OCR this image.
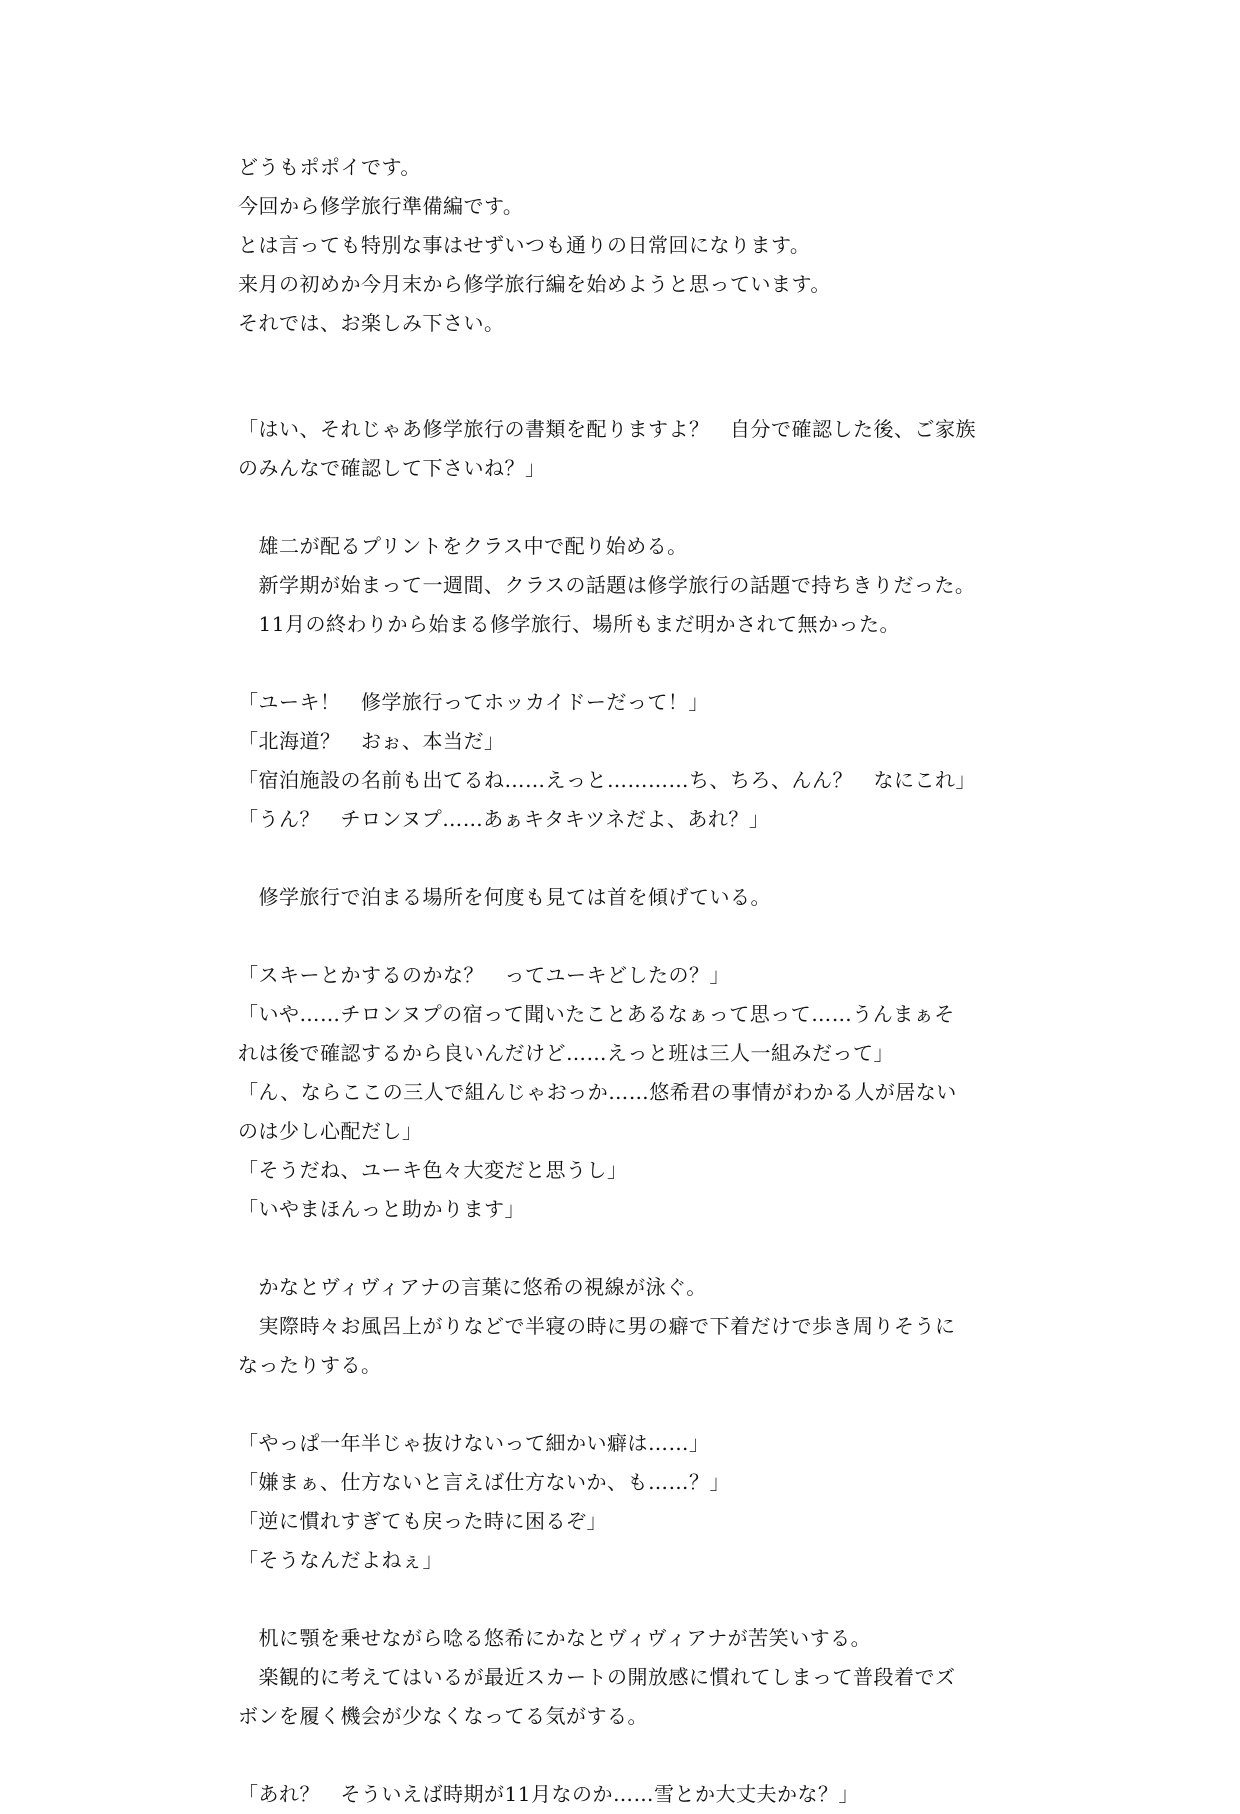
どうもポポイです。
今回から修学旅行準備編です。
とは言っても特別な事はせずいつも通りの日常回になります。
来月の初めか今月末から修学旅行編を始めようと思っています。
それでは、お楽しみ下さい。
「はい、それじゃあ修学旅行の書類を配りますよ？　自分で確認した後、ご家族
のみんなで確認して下さいね？」
　雄二が配るプリントをクラス中で配り始める。
　新学期が始まって一週間、クラスの話題は修学旅行の話題で持ちきりだった。
　11月の終わりから始まる修学旅行、場所もまだ明かされて無かった。
「ユーキ！　修学旅行ってホッカイドーだって！」
「北海道？　おぉ、本当だ」
「宿泊施設の名前も出てるね……えっと…………ち、ちろ、んん？　なにこれ」
「うん？　チロンヌプ……あぁキタキツネだよ、あれ？」
　修学旅行で泊まる場所を何度も見ては首を傾げている。
「スキーとかするのかな？　ってユーキどしたの？」
「いや……チロンヌプの宿って聞いたことあるなぁって思って……うんまぁそ
れは後で確認するから良いんだけど……えっと班は三人一組みだって」
「ん、ならここの三人で組んじゃおっか……悠希君の事情がわかる人が居ない
のは少し心配だし」
「そうだね、ユーキ色々大変だと思うし」
「いやまほんっと助かります」
　かなとヴィヴィアナの言葉に悠希の視線が泳ぐ。
　実際時々お風呂上がりなどで半寝の時に男の癖で下着だけで歩き周りそうに
なったりする。
「やっぱ一年半じゃ抜けないって細かい癖は……」
「嫌まぁ、仕方ないと言えば仕方ないか、も……？」
「逆に慣れすぎても戻った時に困るぞ」
「そうなんだよねぇ」
　机に顎を乗せながら唸る悠希にかなとヴィヴィアナが苦笑いする。
　楽観的に考えてはいるが最近スカートの開放感に慣れてしまって普段着でズ
ボンを履く機会が少なくなってる気がする。
「あれ？　そういえば時期が11月なのか……雪とか大丈夫かな？」
